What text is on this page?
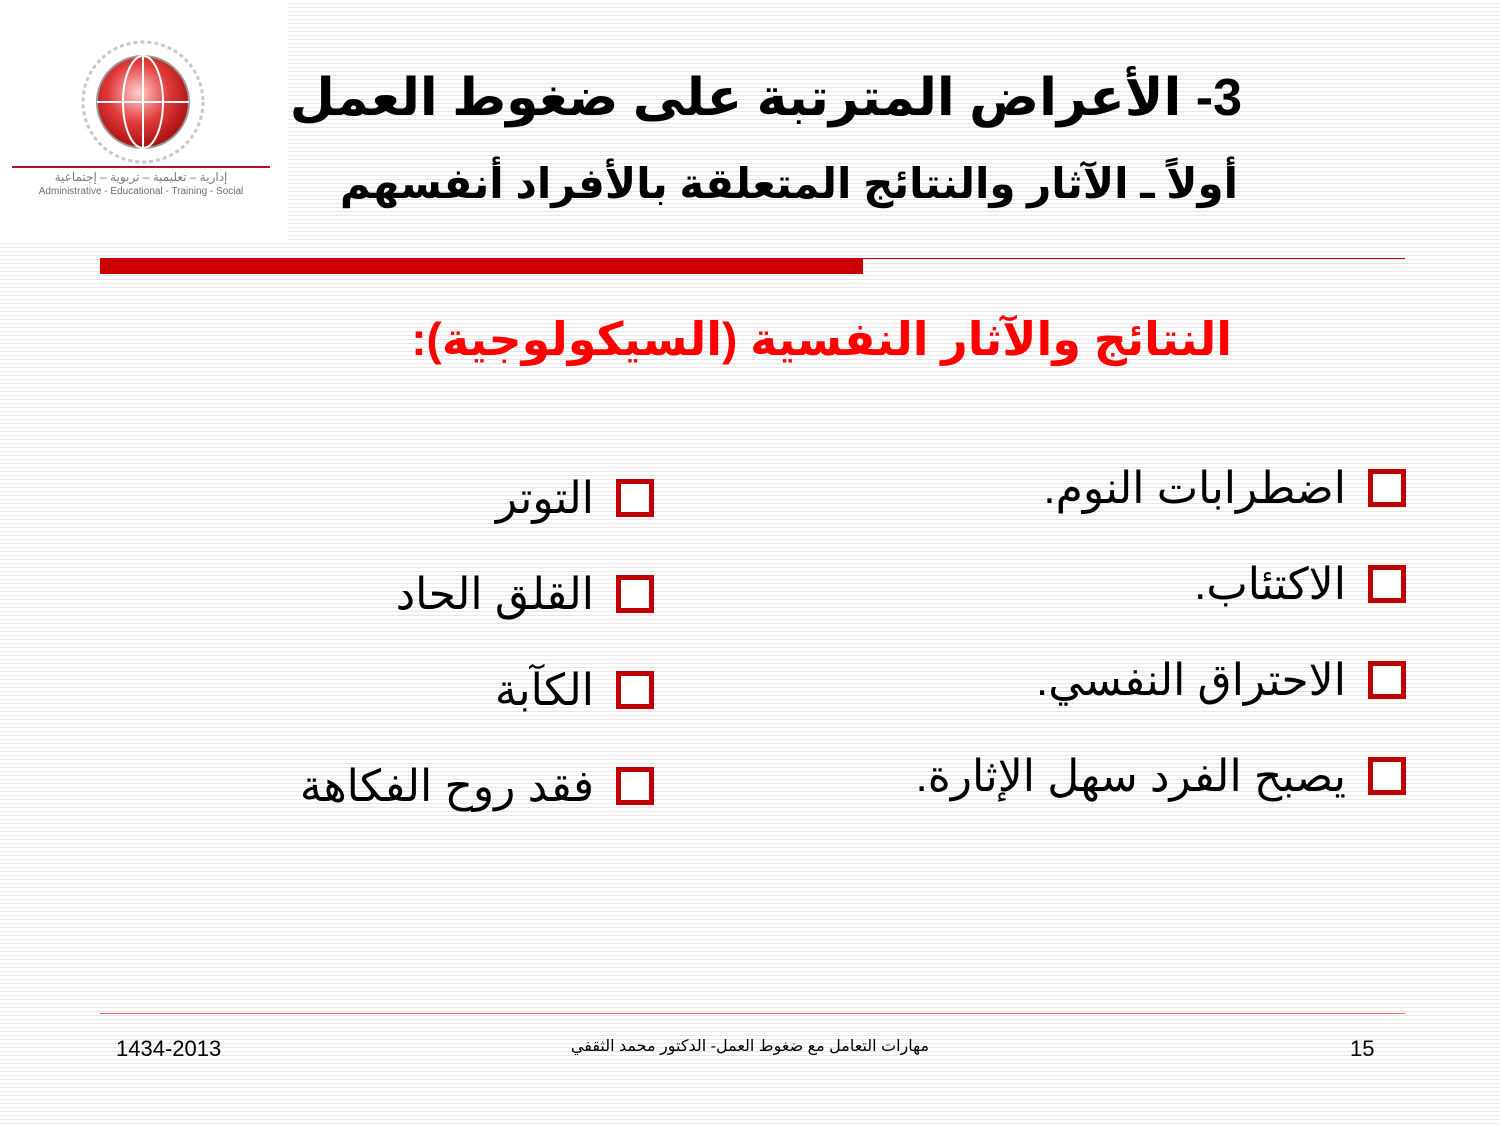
إدارية – تعليمية – تربوية – إجتماعية
Administrative - Educational - Training - Social
3- الأعراض المترتبة على ضغوط العمل
أولاً ـ الآثار والنتائج المتعلقة بالأفراد أنفسهم
النتائج والآثار النفسية (السيكولوجية):
اضطرابات النوم.
الاكتئاب.
الاحتراق النفسي.
يصبح الفرد سهل الإثارة.
التوتر
القلق الحاد
الكآبة
فقد روح الفكاهة
1434-2013	مهارات التعامل مع ضغوط العمل- الدكتور محمد الثقفي	15
